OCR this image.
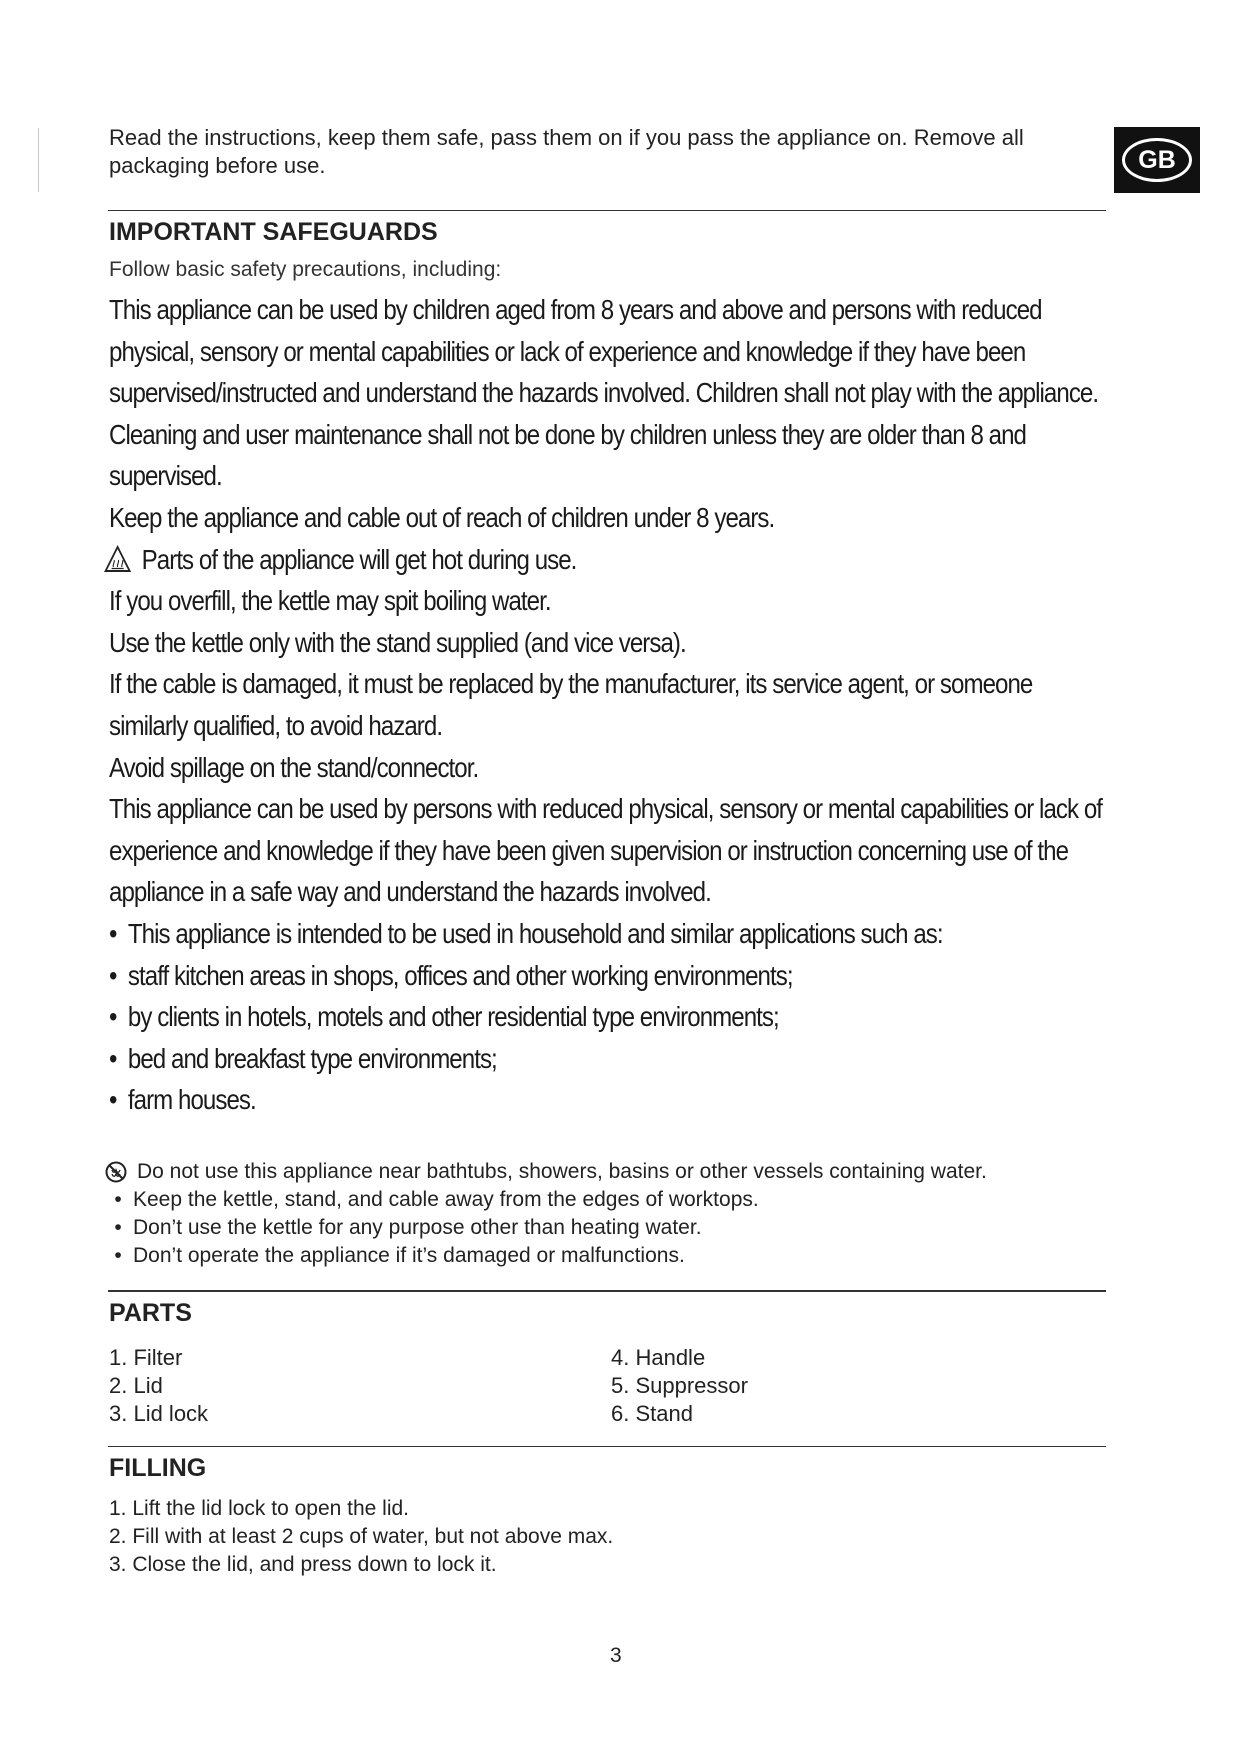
Read the instructions, keep them safe, pass them on if you pass the appliance on. Remove all packaging before use.	GB
IMPORTANT SAFEGUARDS
Follow basic safety precautions, including:

This appliance can be used by children aged from 8 years and above and persons with reduced physical, sensory or mental capabilities or lack of experience and knowledge if they have been supervised/instructed and understand the hazards involved. Children shall not play with the appliance.

Cleaning and user maintenance shall not be done by children unless they are older than 8 and supervised.

Keep the appliance and cable out of reach of children under 8 years.

Parts of the appliance will get hot during use.

If you overfill, the kettle may spit boiling water.

Use the kettle only with the stand supplied (and vice versa).

If the cable is damaged, it must be replaced by the manufacturer, its service agent, or someone similarly qualified, to avoid hazard.

Avoid spillage on the stand/connector.

This appliance can be used by persons with reduced physical, sensory or mental capabilities or lack of experience and knowledge if they have been given supervision or instruction concerning use of the appliance in a safe way and understand the hazards involved.

• This appliance is intended to be used in household and similar applications such as:

• staff kitchen areas in shops, offices and other working environments;

• by clients in hotels, motels and other residential type environments;

• bed and breakfast type environments;

• farm houses.

Do not use this appliance near bathtubs, showers, basins or other vessels containing water.
• Keep the kettle, stand, and cable away from the edges of worktops.
• Don’t use the kettle for any purpose other than heating water.
• Don’t operate the appliance if it’s damaged or malfunctions.
PARTS
1. Filter
2. Lid
3. Lid lock
4. Handle
5. Suppressor
6. Stand
FILLING
1. Lift the lid lock to open the lid.
2. Fill with at least 2 cups of water, but not above max.
3. Close the lid, and press down to lock it.
3
